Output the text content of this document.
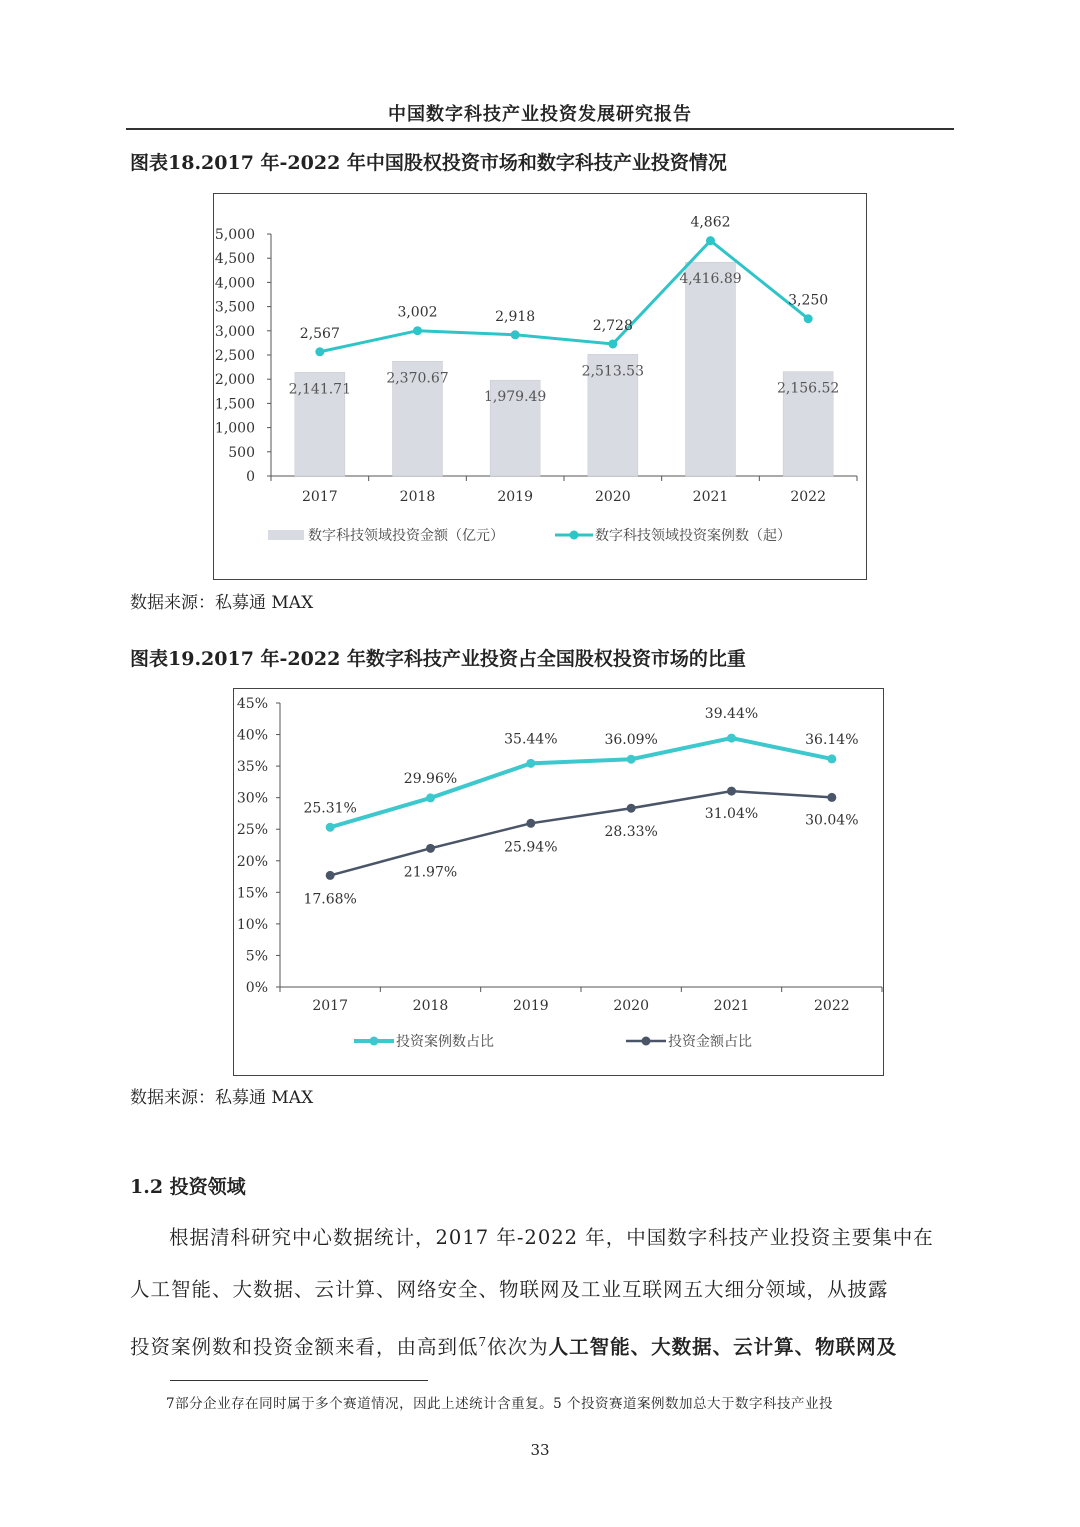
中国数字科技产业投资发展研究报告
图表18.2017 年-2022 年中国股权投资市场和数字科技产业投资情况
0
500
1,000
1,500
2,000
2,500
3,000
3,500
4,000
4,500
5,000
2017	2018	2019	2020	2021	2022
2,141.71
2,370.67
1,979.49
2,513.53
4,416.89
2,156.52
2,567
3,002	2,918
2,728
4,862
3,250
数字科技领域投资金额（亿元）	数字科技领域投资案例数（起）
数据来源：私募通 MAX
图表19.2017 年-2022 年数字科技产业投资占全国股权投资市场的比重
0%
5%
10%
15%
20%
25%
30%
35%
40%
45%
2017	2018	2019	2020	2021	2022
25.31%
29.96%
35.44%	36.09%
39.44%
36.14%
17.68%
21.97%
25.94%
28.33%
31.04%	30.04%
投资案例数占比	投资金额占比
数据来源：私募通 MAX
1.2 投资领域

根据清科研究中心数据统计，2017 年-2022 年，中国数字科技产业投资主要集中在

人工智能、大数据、云计算、网络安全、物联网及工业互联网五大细分领域，从披露

投资案例数和投资金额来看，由高到低$^7$依次为人工智能、大数据、云计算、物联网及

7部分企业存在同时属于多个赛道情况，因此上述统计含重复。5 个投资赛道案例数加总大于数字科技产业投
33
